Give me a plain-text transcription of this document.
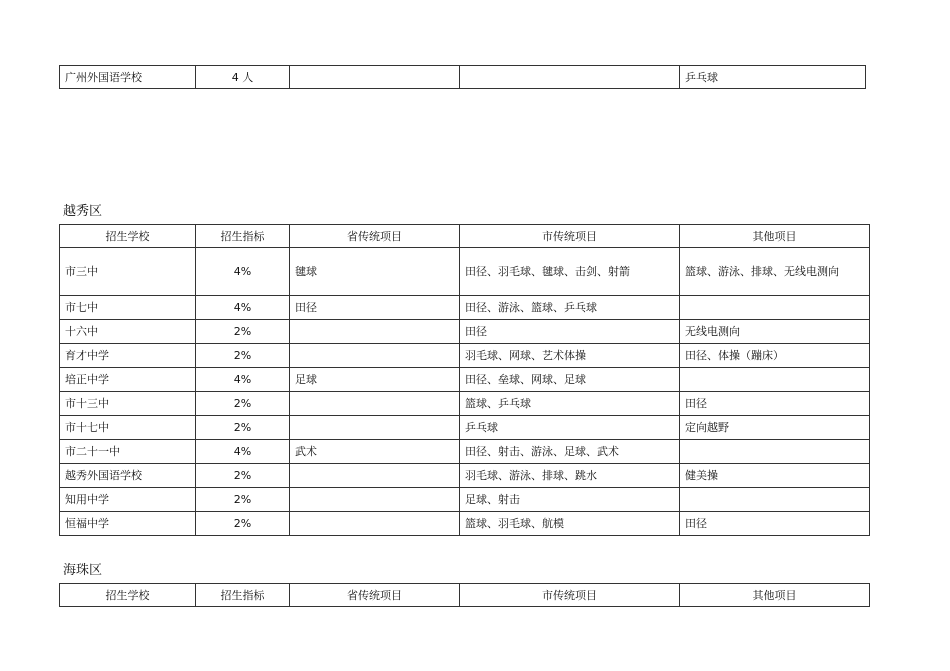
广州外国语学校	4 人			乒乓球
越秀区
招生学校	招生指标	省传统项目	市传统项目	其他项目
市三中	4%	毽球	田径、羽毛球、毽球、击剑、射箭	篮球、游泳、排球、无线电测向
市七中	4%	田径	田径、游泳、篮球、乒乓球	
十六中	2%		田径	无线电测向
育才中学	2%		羽毛球、网球、艺术体操	田径、体操（蹦床）
培正中学	4%	足球	田径、垒球、网球、足球	
市十三中	2%		篮球、乒乓球	田径
市十七中	2%		乒乓球	定向越野
市二十一中	4%	武术	田径、射击、游泳、足球、武术	
越秀外国语学校	2%		羽毛球、游泳、排球、跳水	健美操
知用中学	2%		足球、射击	
恒福中学	2%		篮球、羽毛球、航模	田径
海珠区
招生学校	招生指标	省传统项目	市传统项目	其他项目
